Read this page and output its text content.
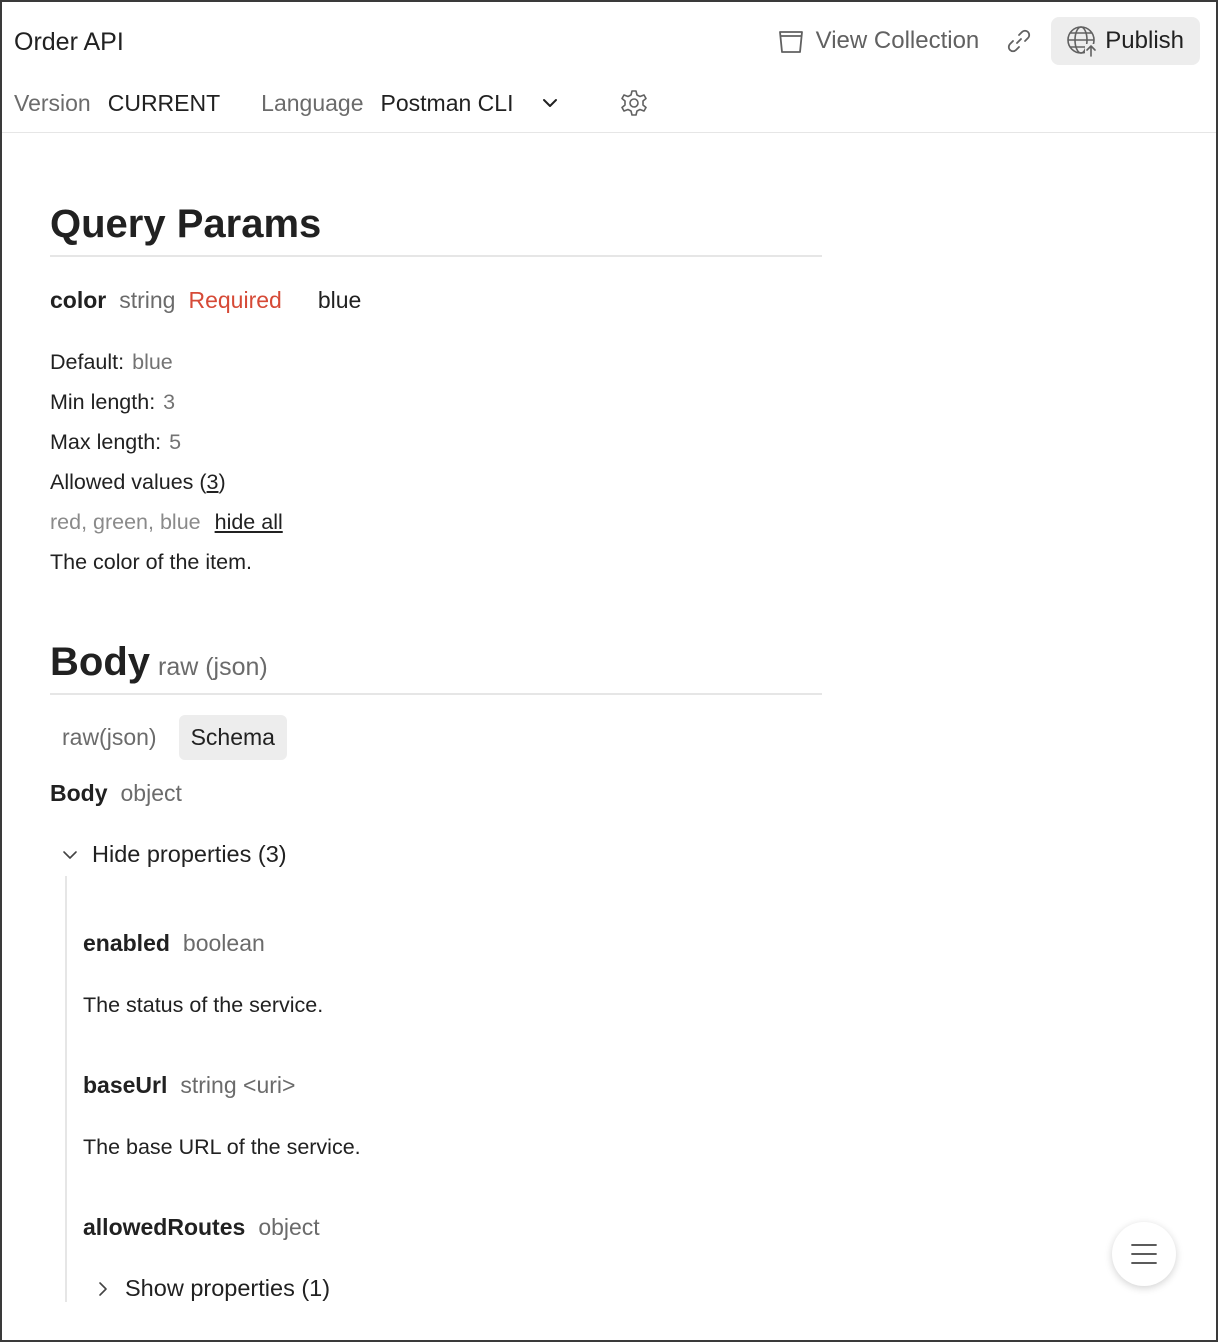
Order API	View Collection	Publish
Version CURRENT Language Postman CLI
Query Params
color string Required blue
Default: blue
Min length: 3
Max length: 5
Allowed values (3)
red, green, blue hide all
The color of the item.
Body raw (json)
raw(json)	Schema
Body object
Hide properties (3)
enabled boolean
The status of the service.
baseUrl string <uri>
The base URL of the service.
allowedRoutes object
Show properties (1)
